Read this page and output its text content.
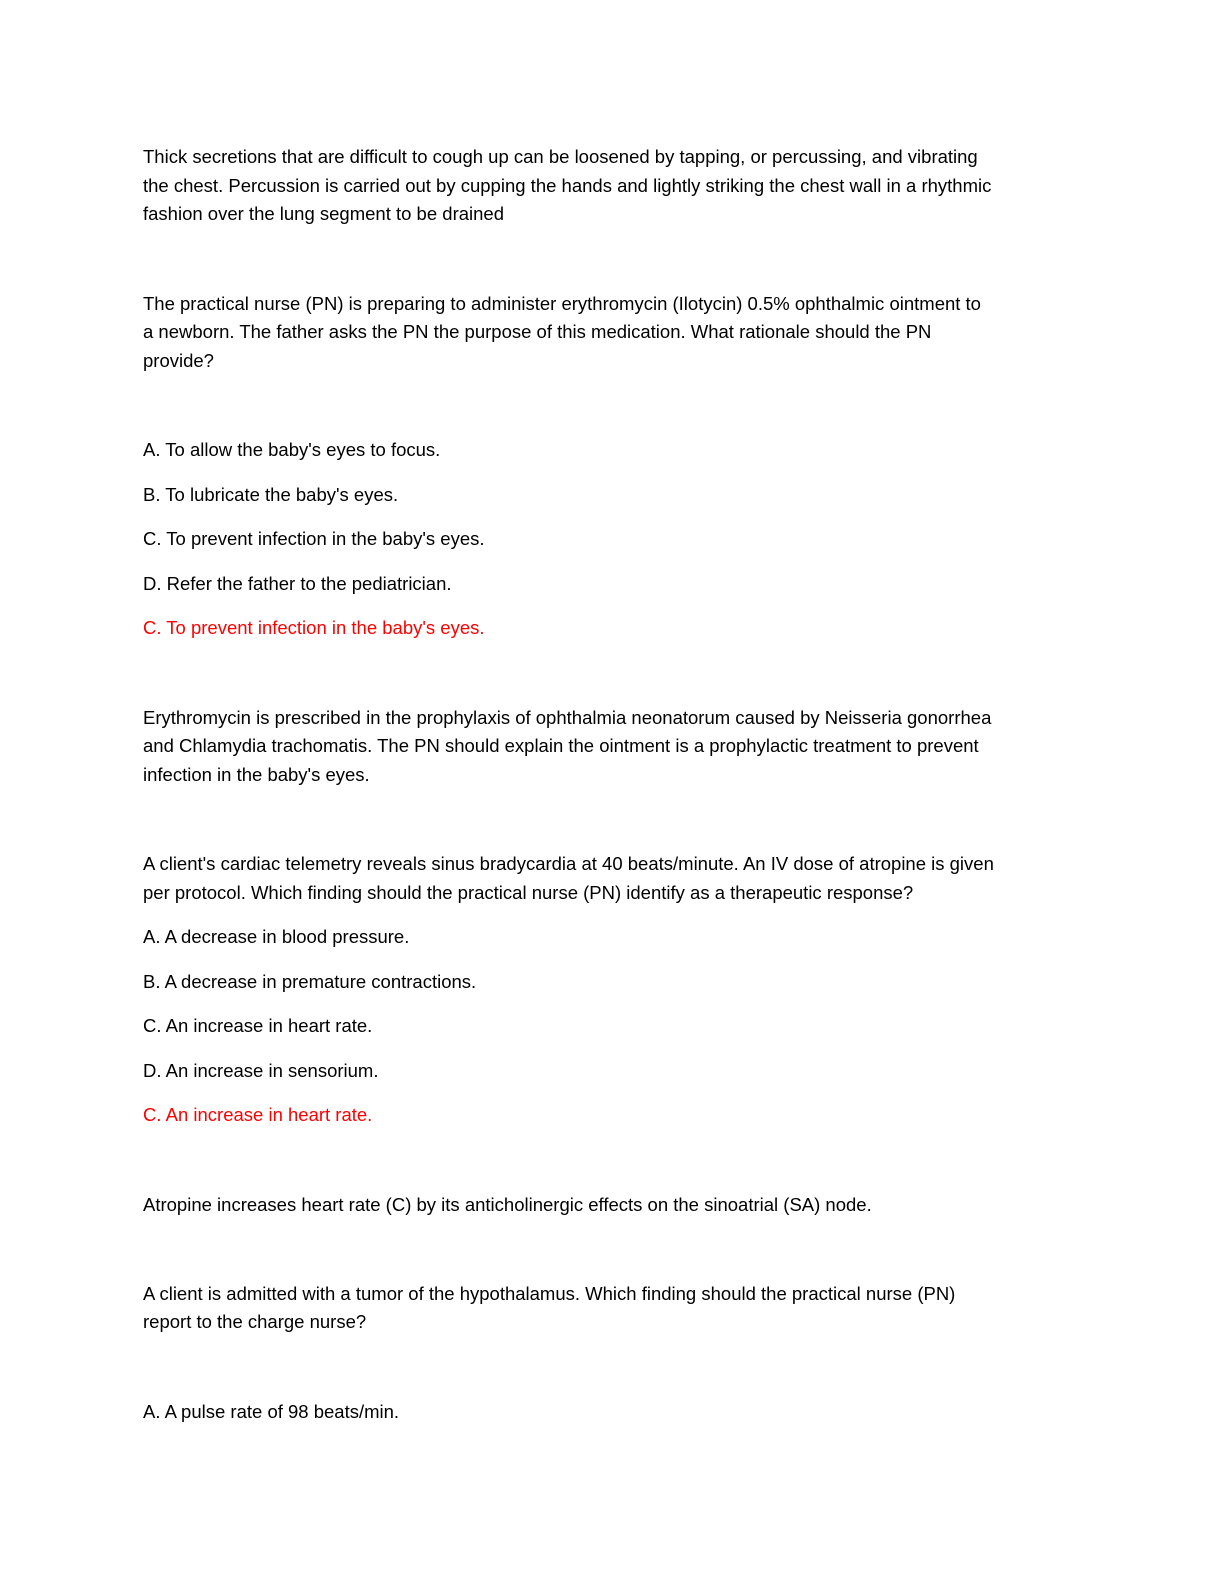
Thick secretions that are difficult to cough up can be loosened by tapping, or percussing, and vibrating

the chest. Percussion is carried out by cupping the hands and lightly striking the chest wall in a rhythmic

fashion over the lung segment to be drained

The practical nurse (PN) is preparing to administer erythromycin (Ilotycin) 0.5% ophthalmic ointment to

a newborn. The father asks the PN the purpose of this medication. What rationale should the PN

provide?

A. To allow the baby's eyes to focus.

B. To lubricate the baby's eyes.

C. To prevent infection in the baby's eyes.

D. Refer the father to the pediatrician.

C. To prevent infection in the baby's eyes.

Erythromycin is prescribed in the prophylaxis of ophthalmia neonatorum caused by Neisseria gonorrhea

and Chlamydia trachomatis. The PN should explain the ointment is a prophylactic treatment to prevent

infection in the baby's eyes.

A client's cardiac telemetry reveals sinus bradycardia at 40 beats/minute. An IV dose of atropine is given

per protocol. Which finding should the practical nurse (PN) identify as a therapeutic response?

A. A decrease in blood pressure.

B. A decrease in premature contractions.

C. An increase in heart rate.

D. An increase in sensorium.

C. An increase in heart rate.

Atropine increases heart rate (C) by its anticholinergic effects on the sinoatrial (SA) node.

A client is admitted with a tumor of the hypothalamus. Which finding should the practical nurse (PN)

report to the charge nurse?

A. A pulse rate of 98 beats/min.
